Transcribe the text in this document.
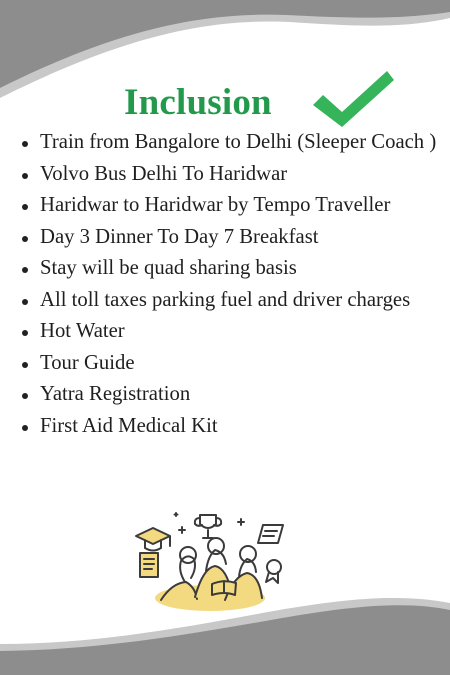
Inclusion
Train from Bangalore to Delhi (Sleeper Coach )
Volvo Bus Delhi To Haridwar
Haridwar to Haridwar by Tempo Traveller
Day 3 Dinner To Day 7 Breakfast
Stay will be quad sharing basis
All toll taxes parking fuel and driver charges
Hot Water
Tour Guide
Yatra Registration
First Aid Medical Kit
